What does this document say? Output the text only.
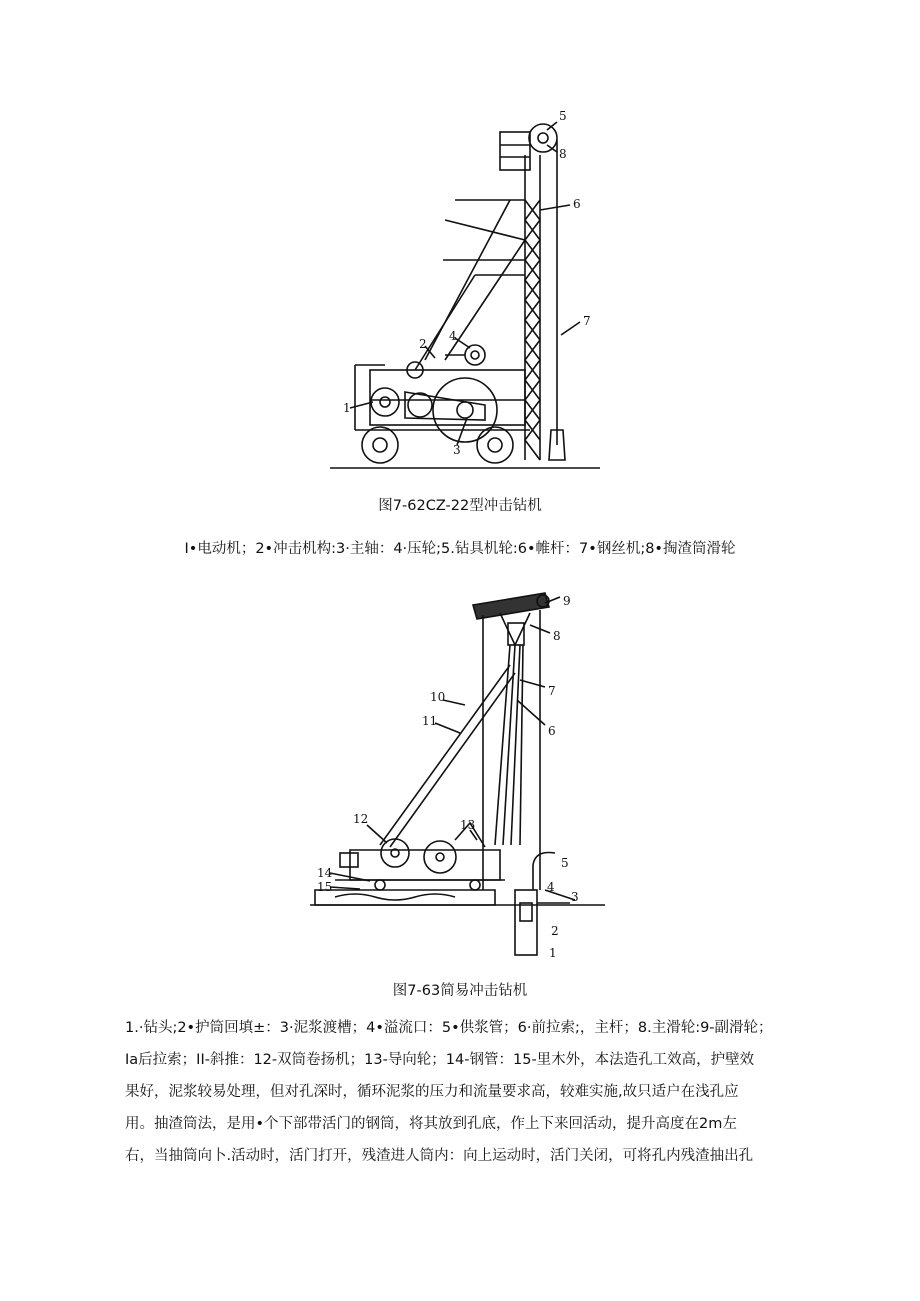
1
2
3
4
5
6
7
8
图7-62CZ-22型冲击钻机
I•电动机；2•冲击机构:3·主轴：4·压轮;5.钻具机轮:6•帷杆：7•钢丝机;8•掏渣筒滑轮
1
2
3
4
5
6
7
8
9
10
11
12	13
14
15
图7-63简易冲击钻机
1.·钻头;2•护筒回填±：3·泥浆渡槽；4•溢流口：5•供浆管；6·前拉索;，主杆；8.主滑轮:9-副滑轮；
Ia后拉索；II-斜推：12-双筒卷扬机；13-导向轮；14-钢管：15-里木外，本法造孔工效高，护壁效
果好，泥浆较易处理，但对孔深时，循环泥浆的压力和流量要求高，较难实施,故只适户在浅孔应
用。抽渣筒法，是用•个下部带活门的钢筒，将其放到孔底，作上下来回活动，提升高度在2m左
右，当抽筒向卜.活动时，活门打开，残渣进人筒内：向上运动时，活门关闭，可将孔内残渣抽出孔
